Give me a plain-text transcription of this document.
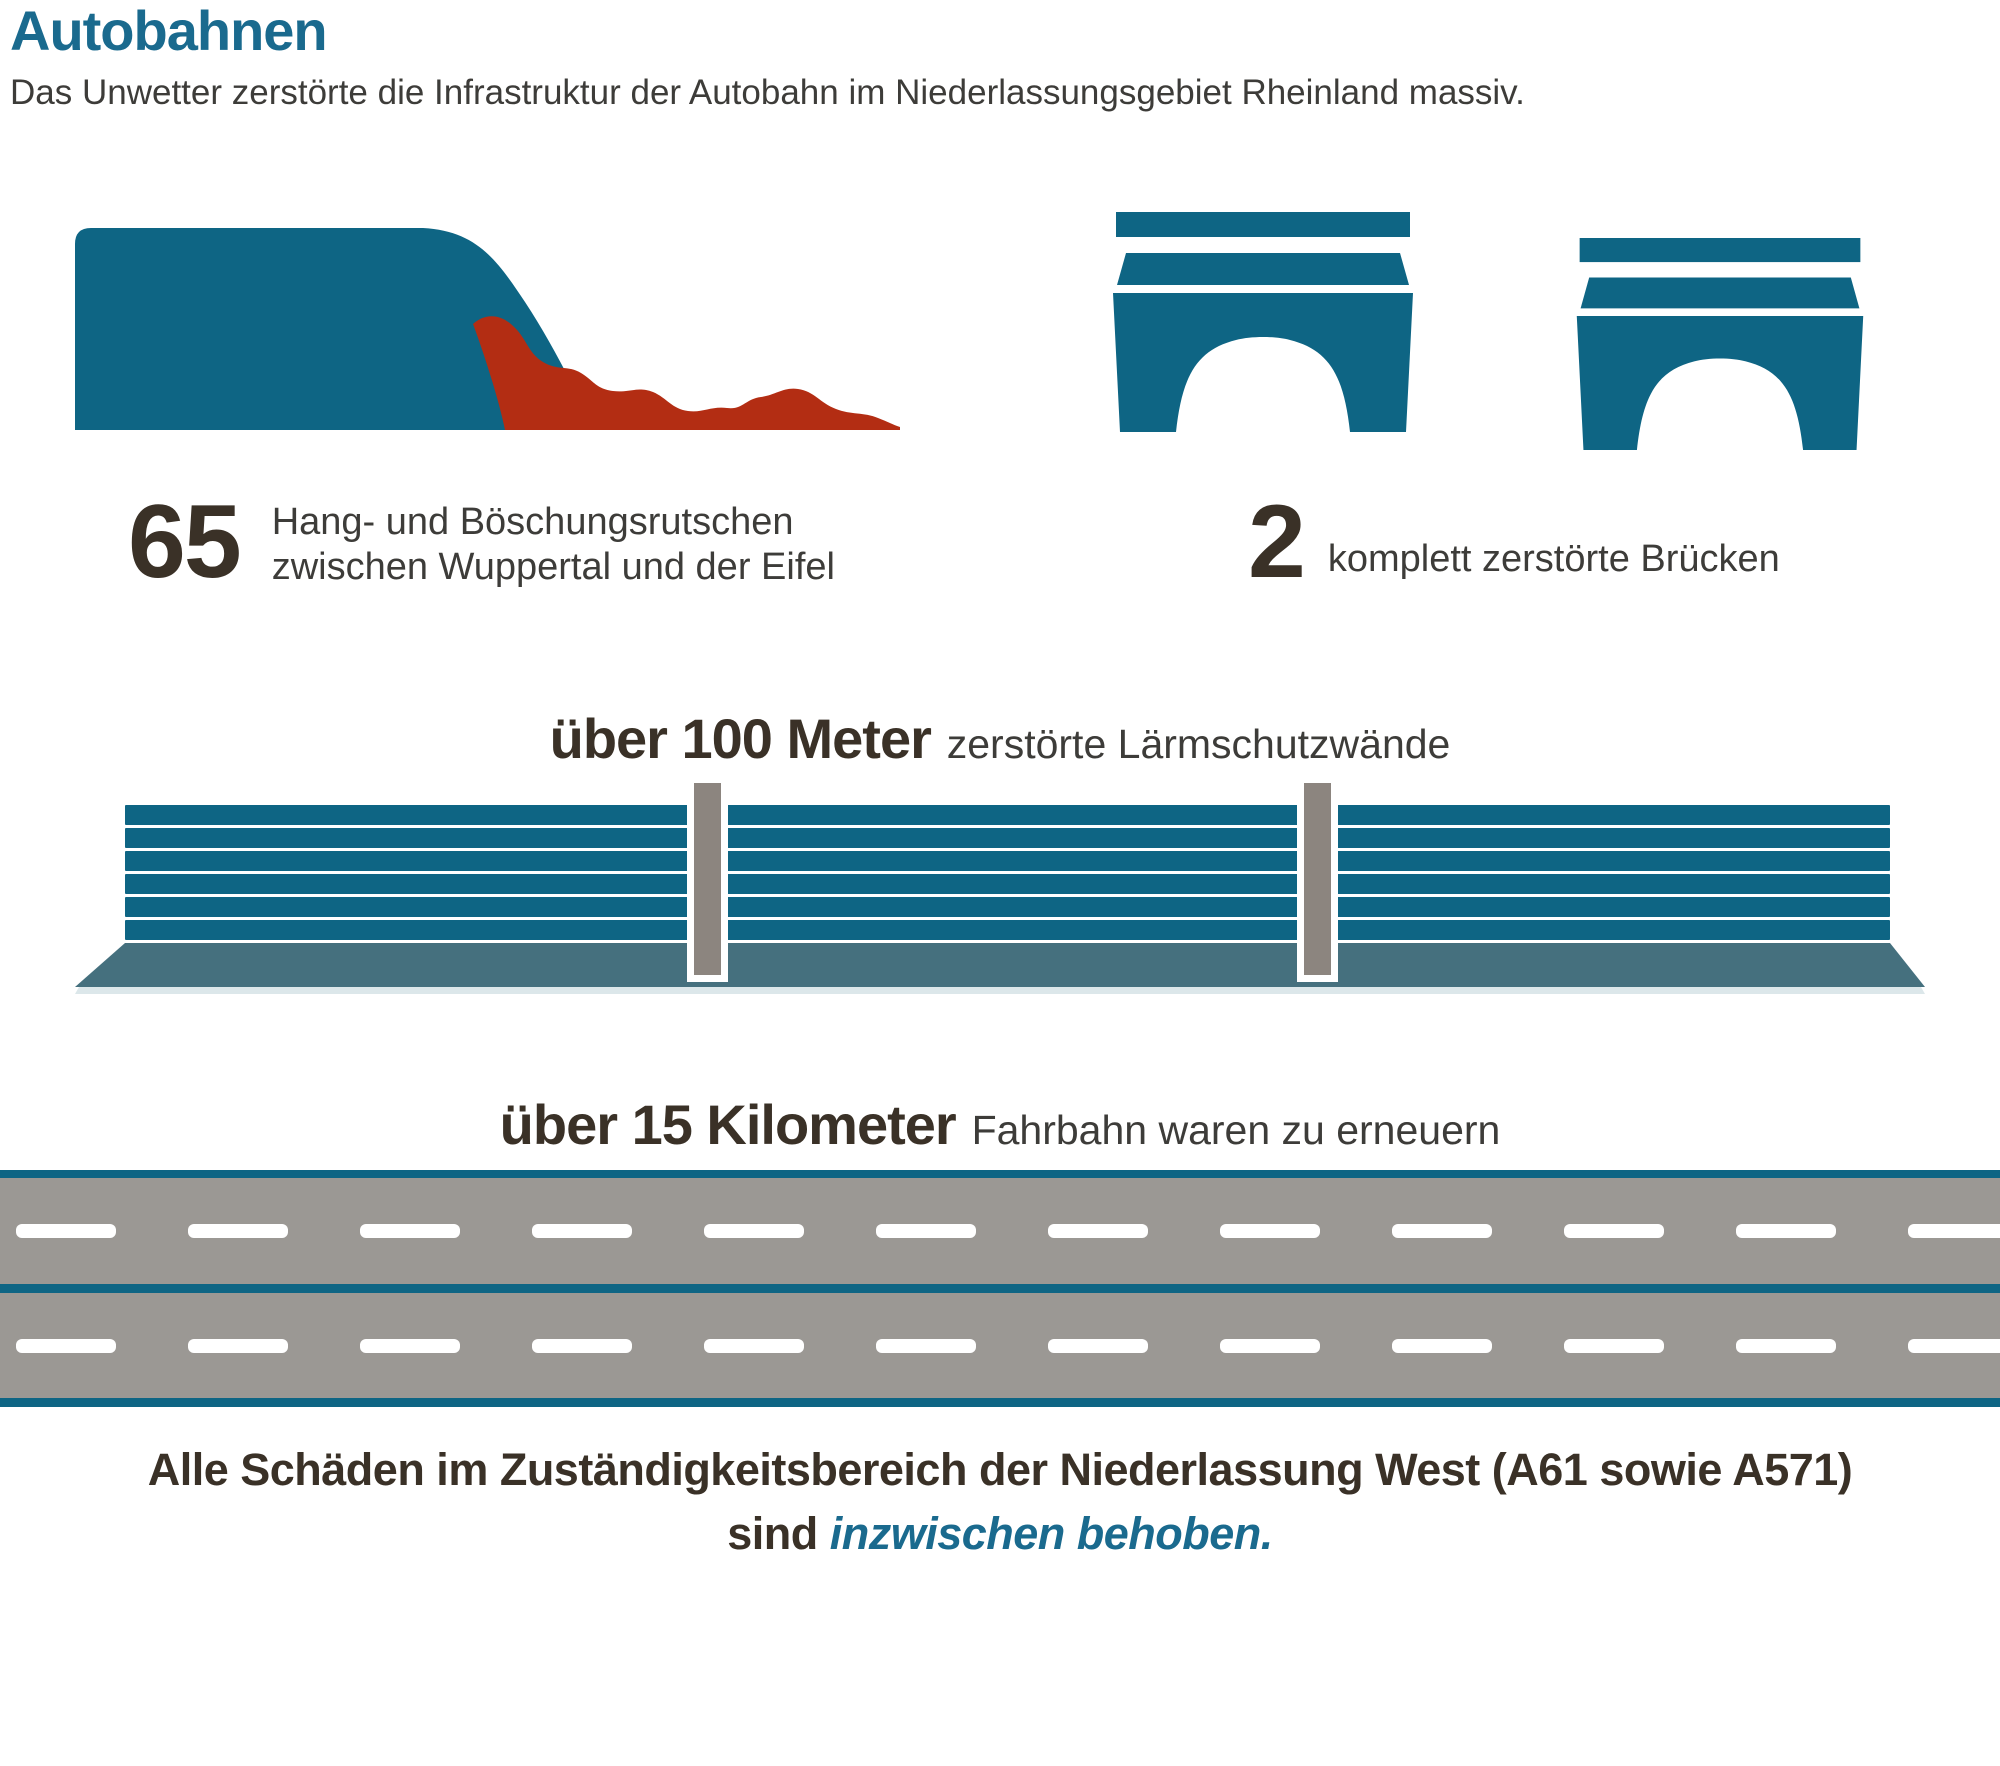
Autobahnen
Das Unwetter zerstörte die Infrastruktur der Autobahn im Niederlassungsgebiet Rheinland massiv.
65 Hang- und Böschungsrutschen
zwischen Wuppertal und der Eifel	2 komplett zerstörte Brücken
über 100 Meter zerstörte Lärmschutzwände
über 15 Kilometer Fahrbahn waren zu erneuern
Alle Schäden im Zuständigkeitsbereich der Niederlassung West (A61 sowie A571)
sind inzwischen behoben.
